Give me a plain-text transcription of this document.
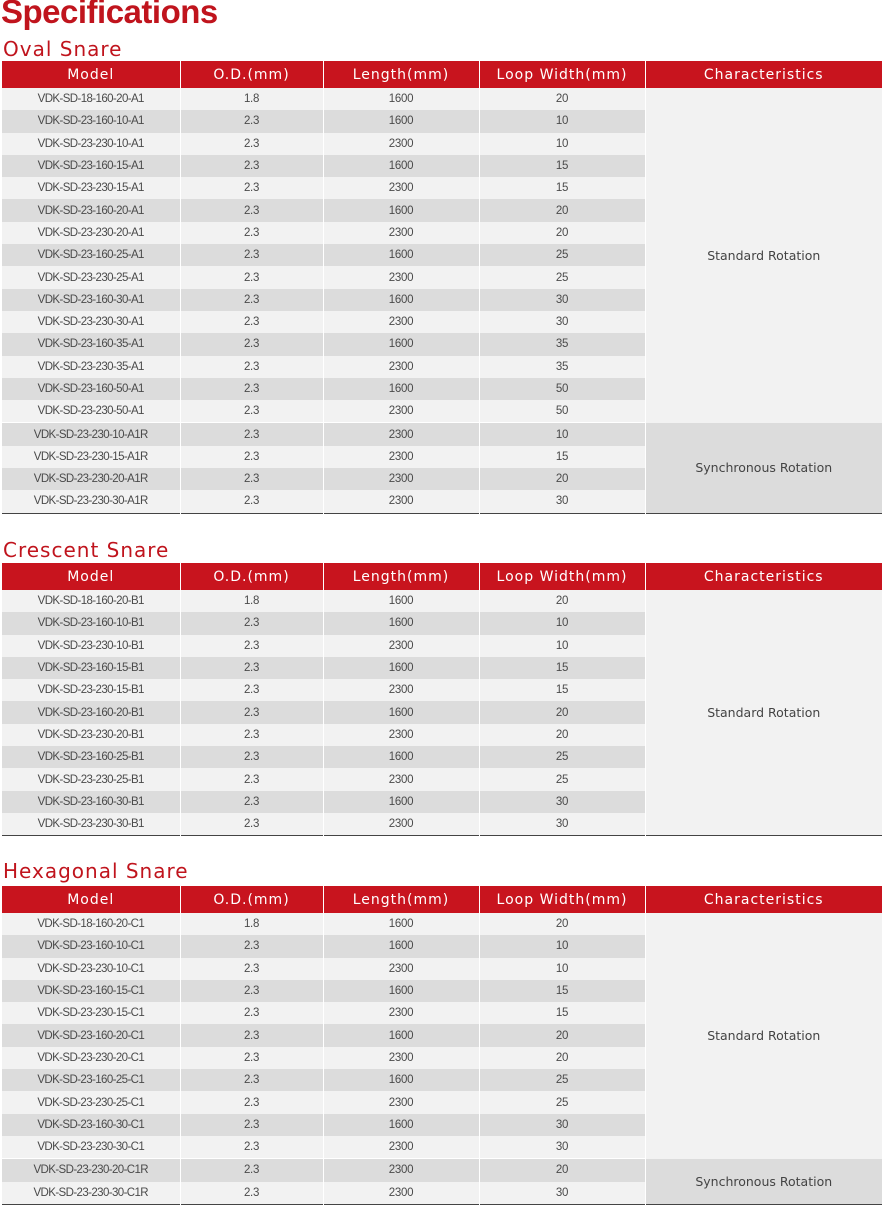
Specifications
Oval Snare
Model	O.D.(mm)	Length(mm)	Loop Width(mm)	Characteristics
VDK-SD-18-160-20-A1	1.8	1600	20	Standard Rotation
VDK-SD-23-160-10-A1	2.3	1600	10	
VDK-SD-23-230-10-A1	2.3	2300	10	
VDK-SD-23-160-15-A1	2.3	1600	15	
VDK-SD-23-230-15-A1	2.3	2300	15	
VDK-SD-23-160-20-A1	2.3	1600	20	
VDK-SD-23-230-20-A1	2.3	2300	20	
VDK-SD-23-160-25-A1	2.3	1600	25	
VDK-SD-23-230-25-A1	2.3	2300	25	
VDK-SD-23-160-30-A1	2.3	1600	30	
VDK-SD-23-230-30-A1	2.3	2300	30	
VDK-SD-23-160-35-A1	2.3	1600	35	
VDK-SD-23-230-35-A1	2.3	2300	35	
VDK-SD-23-160-50-A1	2.3	1600	50	
VDK-SD-23-230-50-A1	2.3	2300	50	
VDK-SD-23-230-10-A1R	2.3	2300	10	Synchronous Rotation
VDK-SD-23-230-15-A1R	2.3	2300	15	
VDK-SD-23-230-20-A1R	2.3	2300	20	
VDK-SD-23-230-30-A1R	2.3	2300	30	
Crescent Snare
Model	O.D.(mm)	Length(mm)	Loop Width(mm)	Characteristics
VDK-SD-18-160-20-B1	1.8	1600	20	Standard Rotation
VDK-SD-23-160-10-B1	2.3	1600	10	
VDK-SD-23-230-10-B1	2.3	2300	10	
VDK-SD-23-160-15-B1	2.3	1600	15	
VDK-SD-23-230-15-B1	2.3	2300	15	
VDK-SD-23-160-20-B1	2.3	1600	20	
VDK-SD-23-230-20-B1	2.3	2300	20	
VDK-SD-23-160-25-B1	2.3	1600	25	
VDK-SD-23-230-25-B1	2.3	2300	25	
VDK-SD-23-160-30-B1	2.3	1600	30	
VDK-SD-23-230-30-B1	2.3	2300	30	
Hexagonal Snare
Model	O.D.(mm)	Length(mm)	Loop Width(mm)	Characteristics
VDK-SD-18-160-20-C1	1.8	1600	20	Standard Rotation
VDK-SD-23-160-10-C1	2.3	1600	10	
VDK-SD-23-230-10-C1	2.3	2300	10	
VDK-SD-23-160-15-C1	2.3	1600	15	
VDK-SD-23-230-15-C1	2.3	2300	15	
VDK-SD-23-160-20-C1	2.3	1600	20	
VDK-SD-23-230-20-C1	2.3	2300	20	
VDK-SD-23-160-25-C1	2.3	1600	25	
VDK-SD-23-230-25-C1	2.3	2300	25	
VDK-SD-23-160-30-C1	2.3	1600	30	
VDK-SD-23-230-30-C1	2.3	2300	30	
VDK-SD-23-230-20-C1R	2.3	2300	20	Synchronous Rotation
VDK-SD-23-230-30-C1R	2.3	2300	30	
